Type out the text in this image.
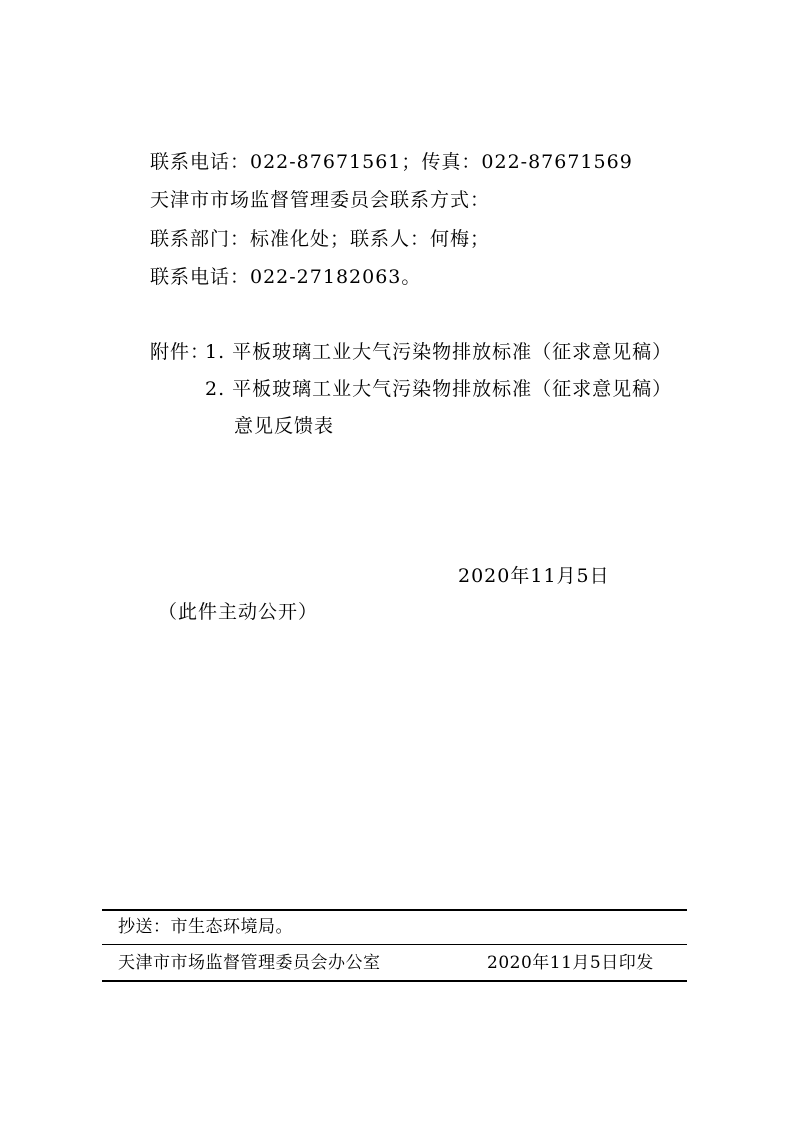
联系电话：022-87671561；传真：022-87671569
天津市市场监督管理委员会联系方式：
联系部门：标准化处；联系人：何梅；
联系电话：022-27182063。
附件：
1. 平板玻璃工业大气污染物排放标准（征求意见稿）
2. 平板玻璃工业大气污染物排放标准（征求意见稿）
意见反馈表
2020年11月5日
（此件主动公开）
抄送：市生态环境局。
天津市市场监督管理委员会办公室	2020年11月5日印发
